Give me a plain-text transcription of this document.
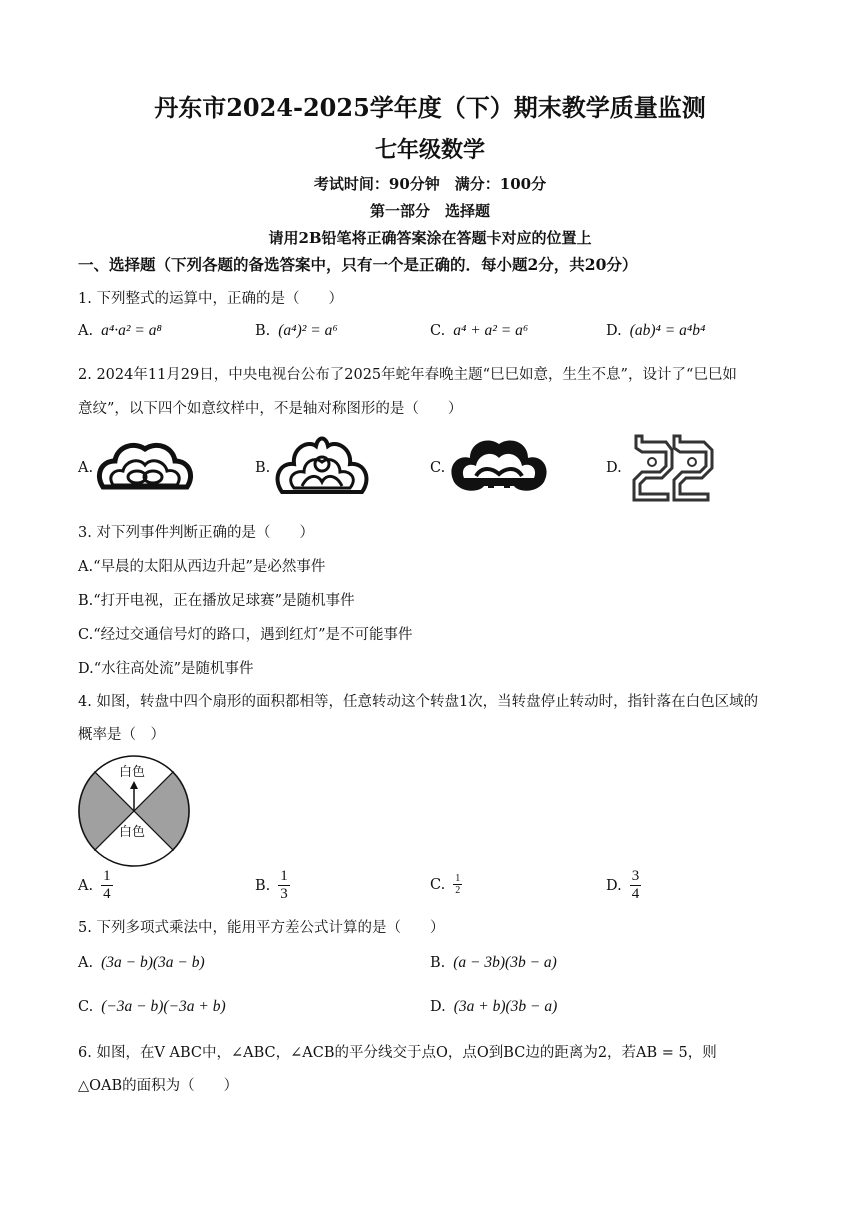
丹东市2024-2025学年度（下）期末教学质量监测
七年级数学
考试时间：90分钟　满分：100分
第一部分　选择题
请用2B铅笔将正确答案涂在答题卡对应的位置上
一、选择题（下列各题的备选答案中，只有一个是正确的．每小题2分，共20分）
1. 下列整式的运算中，正确的是（　　）
A. a⁴·a² = a⁸	B. (a⁴)² = a⁶	C. a⁴ + a² = a⁶	D. (ab)⁴ = a⁴b⁴
2. 2024年11月29日，中央电视台公布了2025年蛇年春晚主题“巳巳如意，生生不息”，设计了“巳巳如
意纹”，以下四个如意纹样中，不是轴对称图形的是（　　）
A.	B.	C.	D.
3. 对下列事件判断正确的是（　　）
A.“早晨的太阳从西边升起”是必然事件
B.“打开电视，正在播放足球赛”是随机事件
C.“经过交通信号灯的路口，遇到红灯”是不可能事件
D.“水往高处流”是随机事件
4. 如图，转盘中四个扇形的面积都相等，任意转动这个转盘1次，当转盘停止转动时，指针落在白色区域的
概率是（　）
白色
白色
A. $\frac{1}{4}$	B. $\frac{1}{3}$	C. $\frac{1}{2}$	D. $\frac{3}{4}$
5. 下列多项式乘法中，能用平方差公式计算的是（　　）
A. (3a − b)(3a − b)	B. (a − 3b)(3b − a)
C. (−3a − b)(−3a + b)	D. (3a + b)(3b − a)
6. 如图，在V ABC中，∠ABC，∠ACB的平分线交于点O，点O到BC边的距离为2，若AB = 5，则
△OAB的面积为（　　）
